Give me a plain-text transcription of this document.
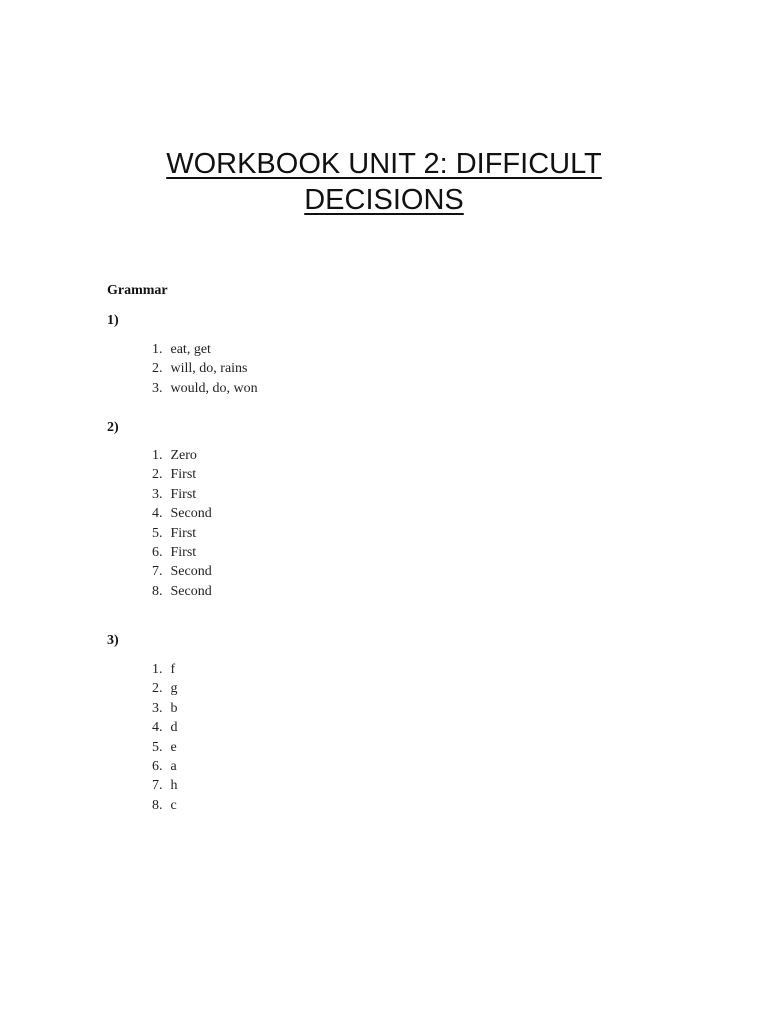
WORKBOOK UNIT 2: DIFFICULT
DECISIONS
Grammar
1)
1. eat, get
2. will, do, rains
3. would, do, won
2)
1. Zero
2. First
3. First
4. Second
5. First
6. First
7. Second
8. Second
3)
1. f
2. g
3. b
4. d
5. e
6. a
7. h
8. c
